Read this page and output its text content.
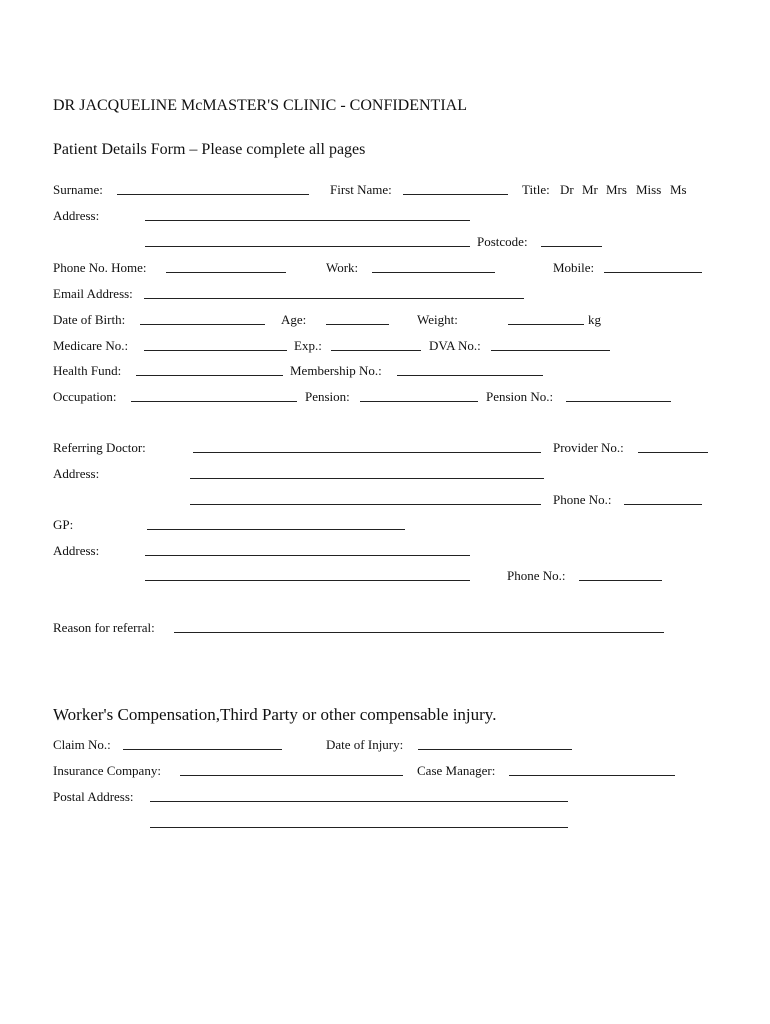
DR JACQUELINE McMASTER'S CLINIC - CONFIDENTIAL
Patient Details Form – Please complete all pages
Surname:	First Name:	Title: Dr Mr Mrs Miss Ms
Address:
Postcode:
Phone No. Home:	Work:	Mobile:
Email Address:
Date of Birth:	Age:	Weight:	kg
Medicare No.:	Exp.:	DVA No.:
Health Fund:	Membership No.:
Occupation:	Pension:	Pension No.:
Referring Doctor:	Provider No.:
Address:
Phone No.:
GP:
Address:
Phone No.:
Reason for referral:
Worker's Compensation,Third Party or other compensable injury.
Claim No.:	Date of Injury:
Insurance Company:	Case Manager:
Postal Address:
